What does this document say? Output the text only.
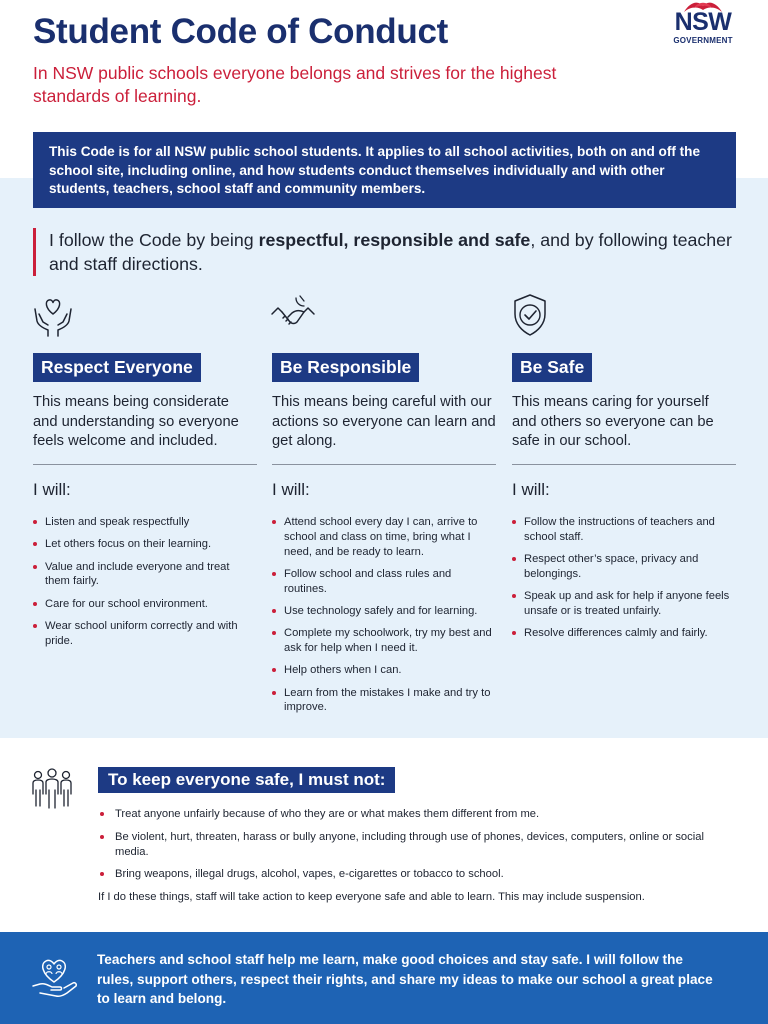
Student Code of Conduct	NSW
GOVERNMENT

In NSW public schools everyone belongs and strives for the highest standards of learning.

This Code is for all NSW public school students. It applies to all school activities, both on and off the school site, including online, and how students conduct themselves individually and with other students, teachers, school staff and community members.

I follow the Code by being respectful, responsible and safe, and by following teacher and staff directions.

Respect Everyone

This means being considerate and understanding so everyone feels welcome and included.

I will:
Listen and speak respectfully
Let others focus on their learning.
Value and include everyone and treat them fairly.
Care for our school environment.
Wear school uniform correctly and with pride.
Be Responsible

This means being careful with our actions so everyone can learn and get along.

I will:
Attend school every day I can, arrive to school and class on time, bring what I need, and be ready to learn.
Follow school and class rules and routines.
Use technology safely and for learning.
Complete my schoolwork, try my best and ask for help when I need it.
Help others when I can.
Learn from the mistakes I make and try to improve.
Be Safe

This means caring for yourself and others so everyone can be safe in our school.

I will:
Follow the instructions of teachers and school staff.
Respect other’s space, privacy and belongings.
Speak up and ask for help if anyone feels unsafe or is treated unfairly.
Resolve differences calmly and fairly.
To keep everyone safe, I must not:
Treat anyone unfairly because of who they are or what makes them different from me.
Be violent, hurt, threaten, harass or bully anyone, including through use of phones, devices, computers, online or social media.
Bring weapons, illegal drugs, alcohol, vapes, e-cigarettes or tobacco to school.

If I do these things, staff will take action to keep everyone safe and able to learn. This may include suspension.

Teachers and school staff help me learn, make good choices and stay safe. I will follow the rules, support others, respect their rights, and share my ideas to make our school a great place to learn and belong.
